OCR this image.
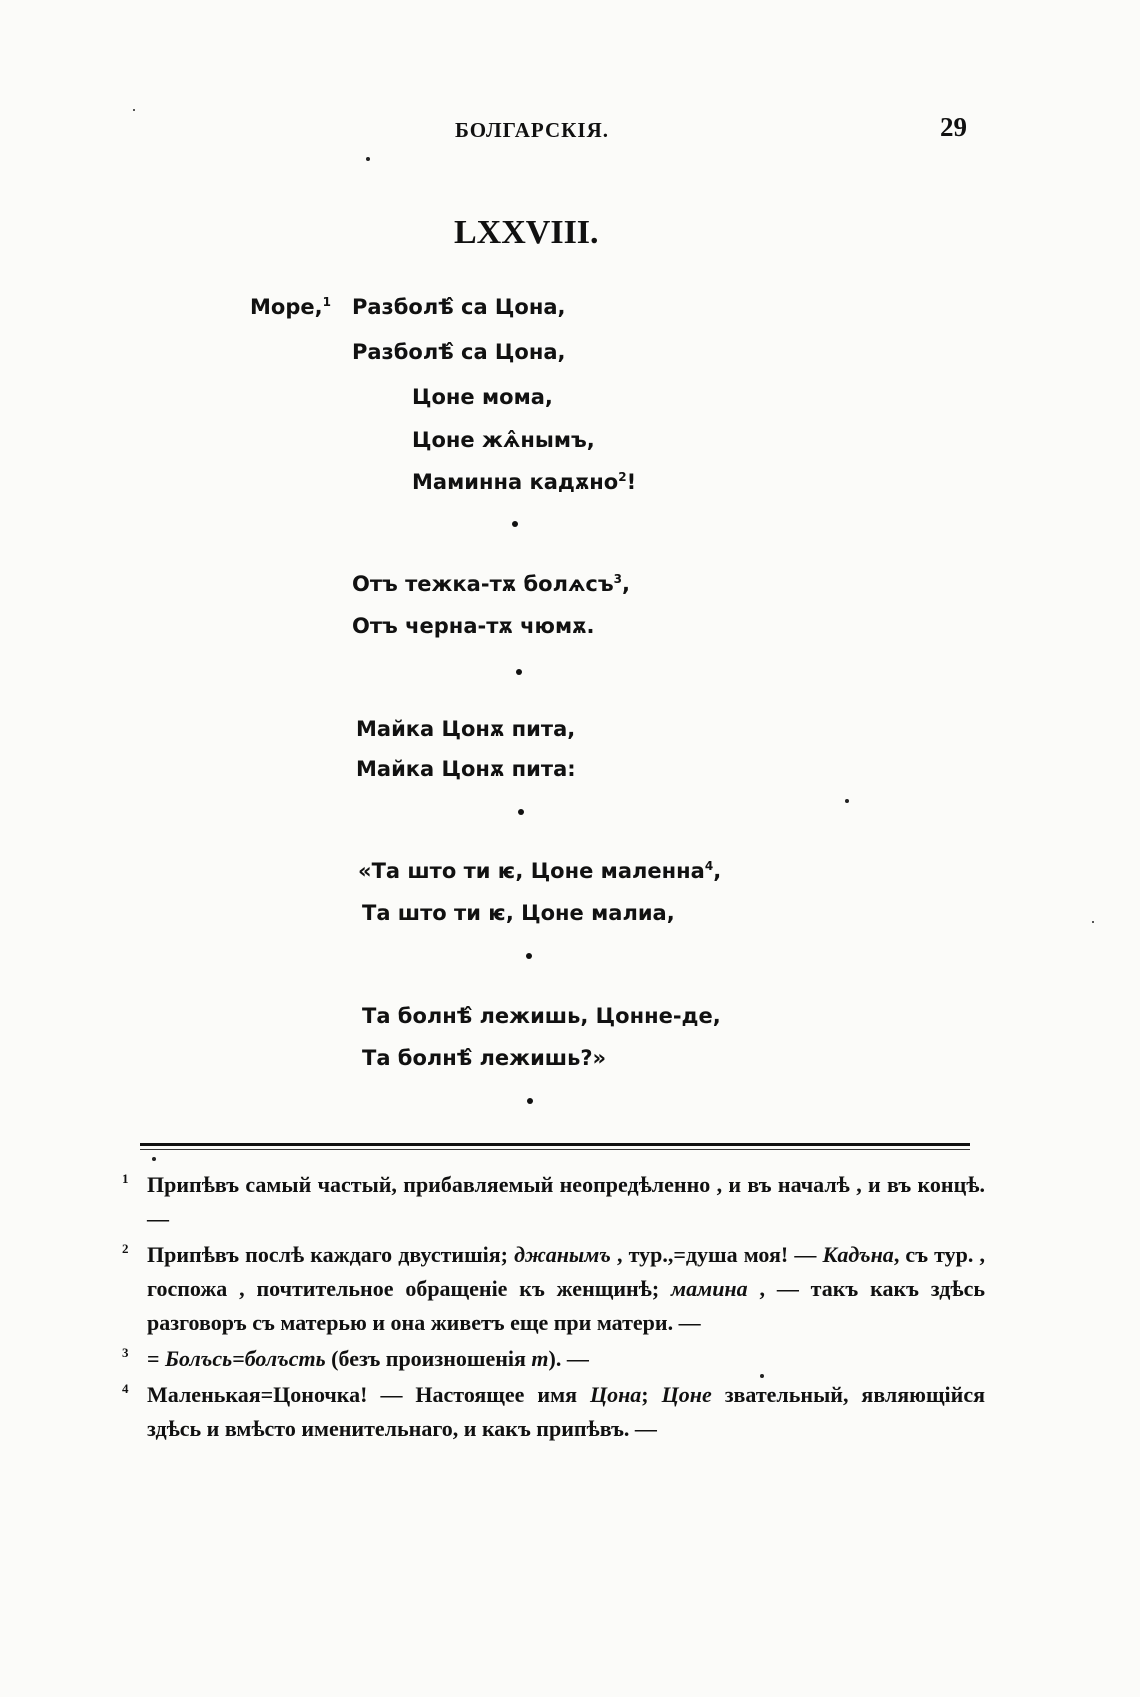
БОЛГАРСКІЯ.	29
LXXVIII.
Море,$^1$ Разболѣ̂ са Цона,
Разболѣ̂ са Цона,
Цоне мома,
Цоне жѧ̂нымъ,
Маминна кадѫно$^2$!
Отъ тежка-тѫ болѧсъ$^3$,
Отъ черна-тѫ чюмѫ.
Майка Цонѫ пита,
Майка Цонѫ пита:
«Та што ти ѥ, Цоне маленна$^4$,
Та што ти ѥ, Цоне малиа,
Та болнѣ̂ лежишь, Цонне-де,
Та болнѣ̂ лежишь?»
1 Припѣвъ самый частый, прибавляемый неопредѣленно , и въ началѣ , и въ концѣ. —
2 Припѣвъ послѣ каждаго двустишія; джанымъ , тур.,=душа моя! — Кадъна, съ тур. , госпожа , почтительное обращеніе къ женщинѣ; мамина , — такъ какъ здѣсь разговоръ съ матерью и она живетъ еще при матери. —
3 = Болъсь=болъсть (безъ произношенія т). —
4 Маленькая=Цоночка! — Настоящее имя Цона; Цоне звательный, являющійся здѣсь и вмѣсто именительнаго, и какъ припѣвъ. —
